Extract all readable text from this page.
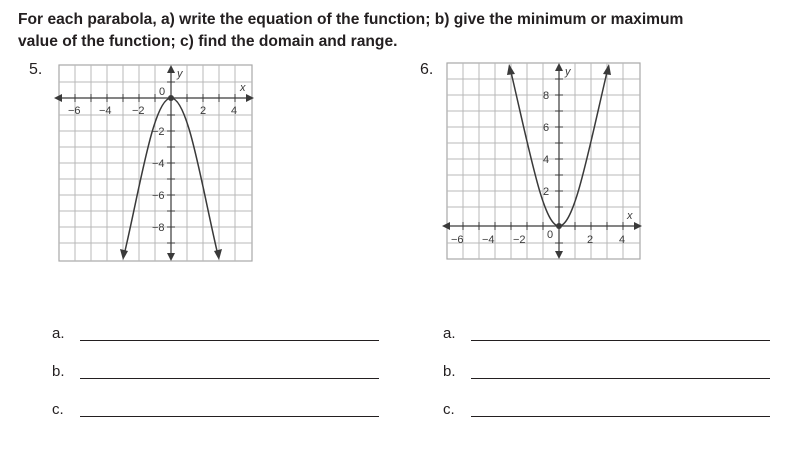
For each parabola, a) write the equation of the function; b) give the minimum or maximum value of the function; c) find the domain and range.

5.	6.
−6 −4 −2	2 4
0
−2
−4
−6
−8
x
y
−6 −4 −2	2 4
0
8
6
4
2
x
y
a.
b.
c.
a.
b.
c.
